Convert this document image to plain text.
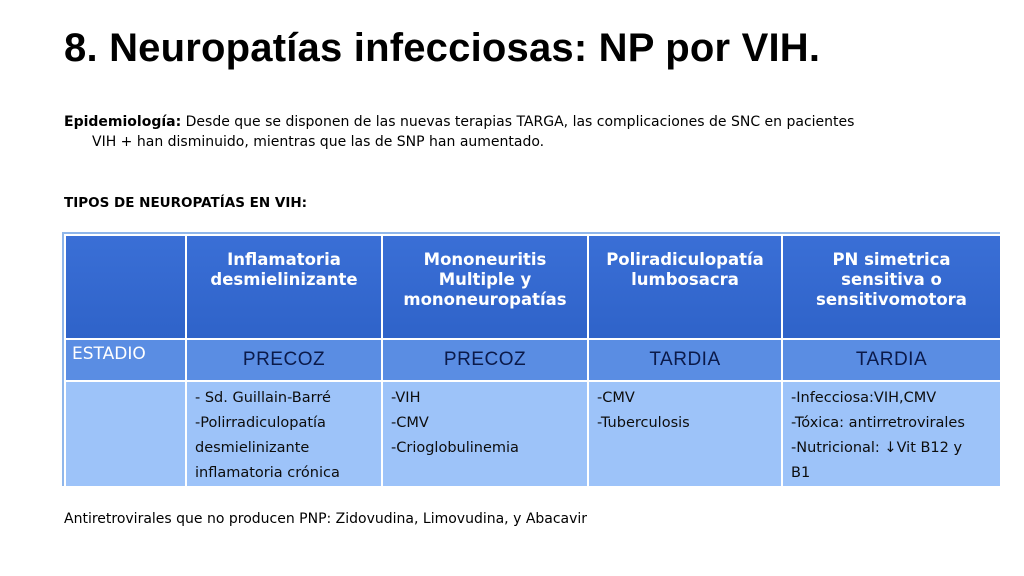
8. Neuropatías infecciosas: NP por VIH.
Epidemiología: Desde que se disponen de las nuevas terapias TARGA, las complicaciones de SNC en pacientes
VIH + han disminuido, mientras que las de SNP han aumentado.
TIPOS DE NEUROPATÍAS EN VIH:

	Inflamatoria
desmielinizante	Mononeuritis
Multiple y
mononeuropatías	Poliradiculopatía
lumbosacra	PN simetrica
sensitiva o
sensitivomotora

ESTADIO	PRECOZ	PRECOZ	TARDIA	TARDIA

	- Sd. Guillain-Barré
-Polirradiculopatía
desmielinizante
inflamatoria crónica	-VIH
-CMV
-Crioglobulinemia	-CMV
-Tuberculosis	-Infecciosa:VIH,CMV
-Tóxica: antirretrovirales
-Nutricional: ↓Vit B12 y
B1
Antiretrovirales que no producen PNP: Zidovudina, Limovudina, y Abacavir
